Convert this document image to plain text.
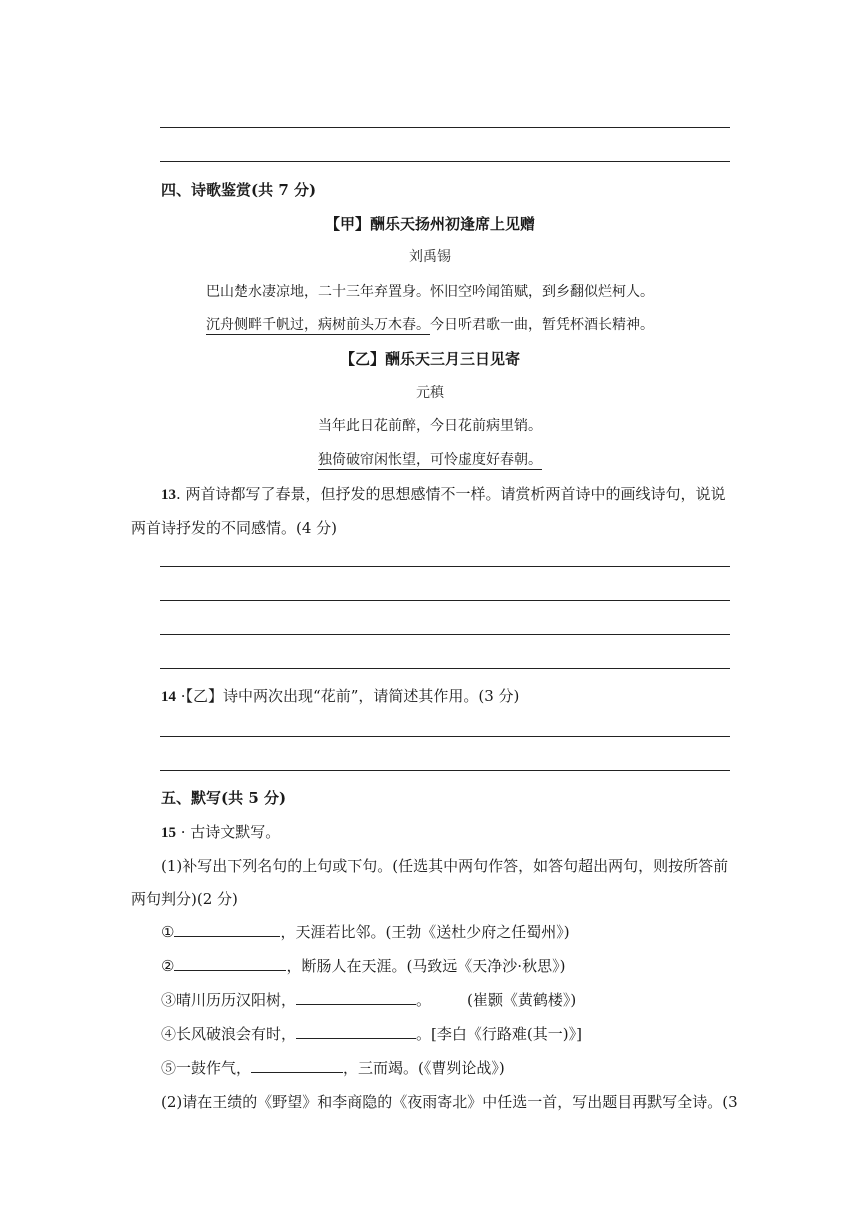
四、诗歌鉴赏(共 7 分)
【甲】酬乐天扬州初逢席上见赠
刘禹锡
巴山楚水凄凉地，二十三年弃置身。怀旧空吟闻笛赋，到乡翻似烂柯人。
沉舟侧畔千帆过，病树前头万木春。今日听君歌一曲，暂凭杯酒长精神。
【乙】酬乐天三月三日见寄
元稹
当年此日花前醉，今日花前病里销。
独倚破帘闲怅望，可怜虚度好春朝。
13. 两首诗都写了春景，但抒发的思想感情不一样。请赏析两首诗中的画线诗句，说说
两首诗抒发的不同感情。(4 分)
14 ·【乙】诗中两次出现“花前”，请简述其作用。(3 分)
五、默写(共 5 分)
15 · 古诗文默写。
(1)补写出下列名句的上句或下句。(任选其中两句作答，如答句超出两句，则按所答前
两句判分)(2 分)
①	，天涯若比邻。(王勃《送杜少府之任蜀州》)
②	，断肠人在天涯。(马致远《天净沙·秋思》)
③晴川历历汉阳树，	。 (崔颢《黄鹤楼》)
④长风破浪会有时，	。[李白《行路难(其一)》]
⑤一鼓作气，	，三而竭。(《曹刿论战》)
(2)请在王绩的《野望》和李商隐的《夜雨寄北》中任选一首，写出题目再默写全诗。(3
